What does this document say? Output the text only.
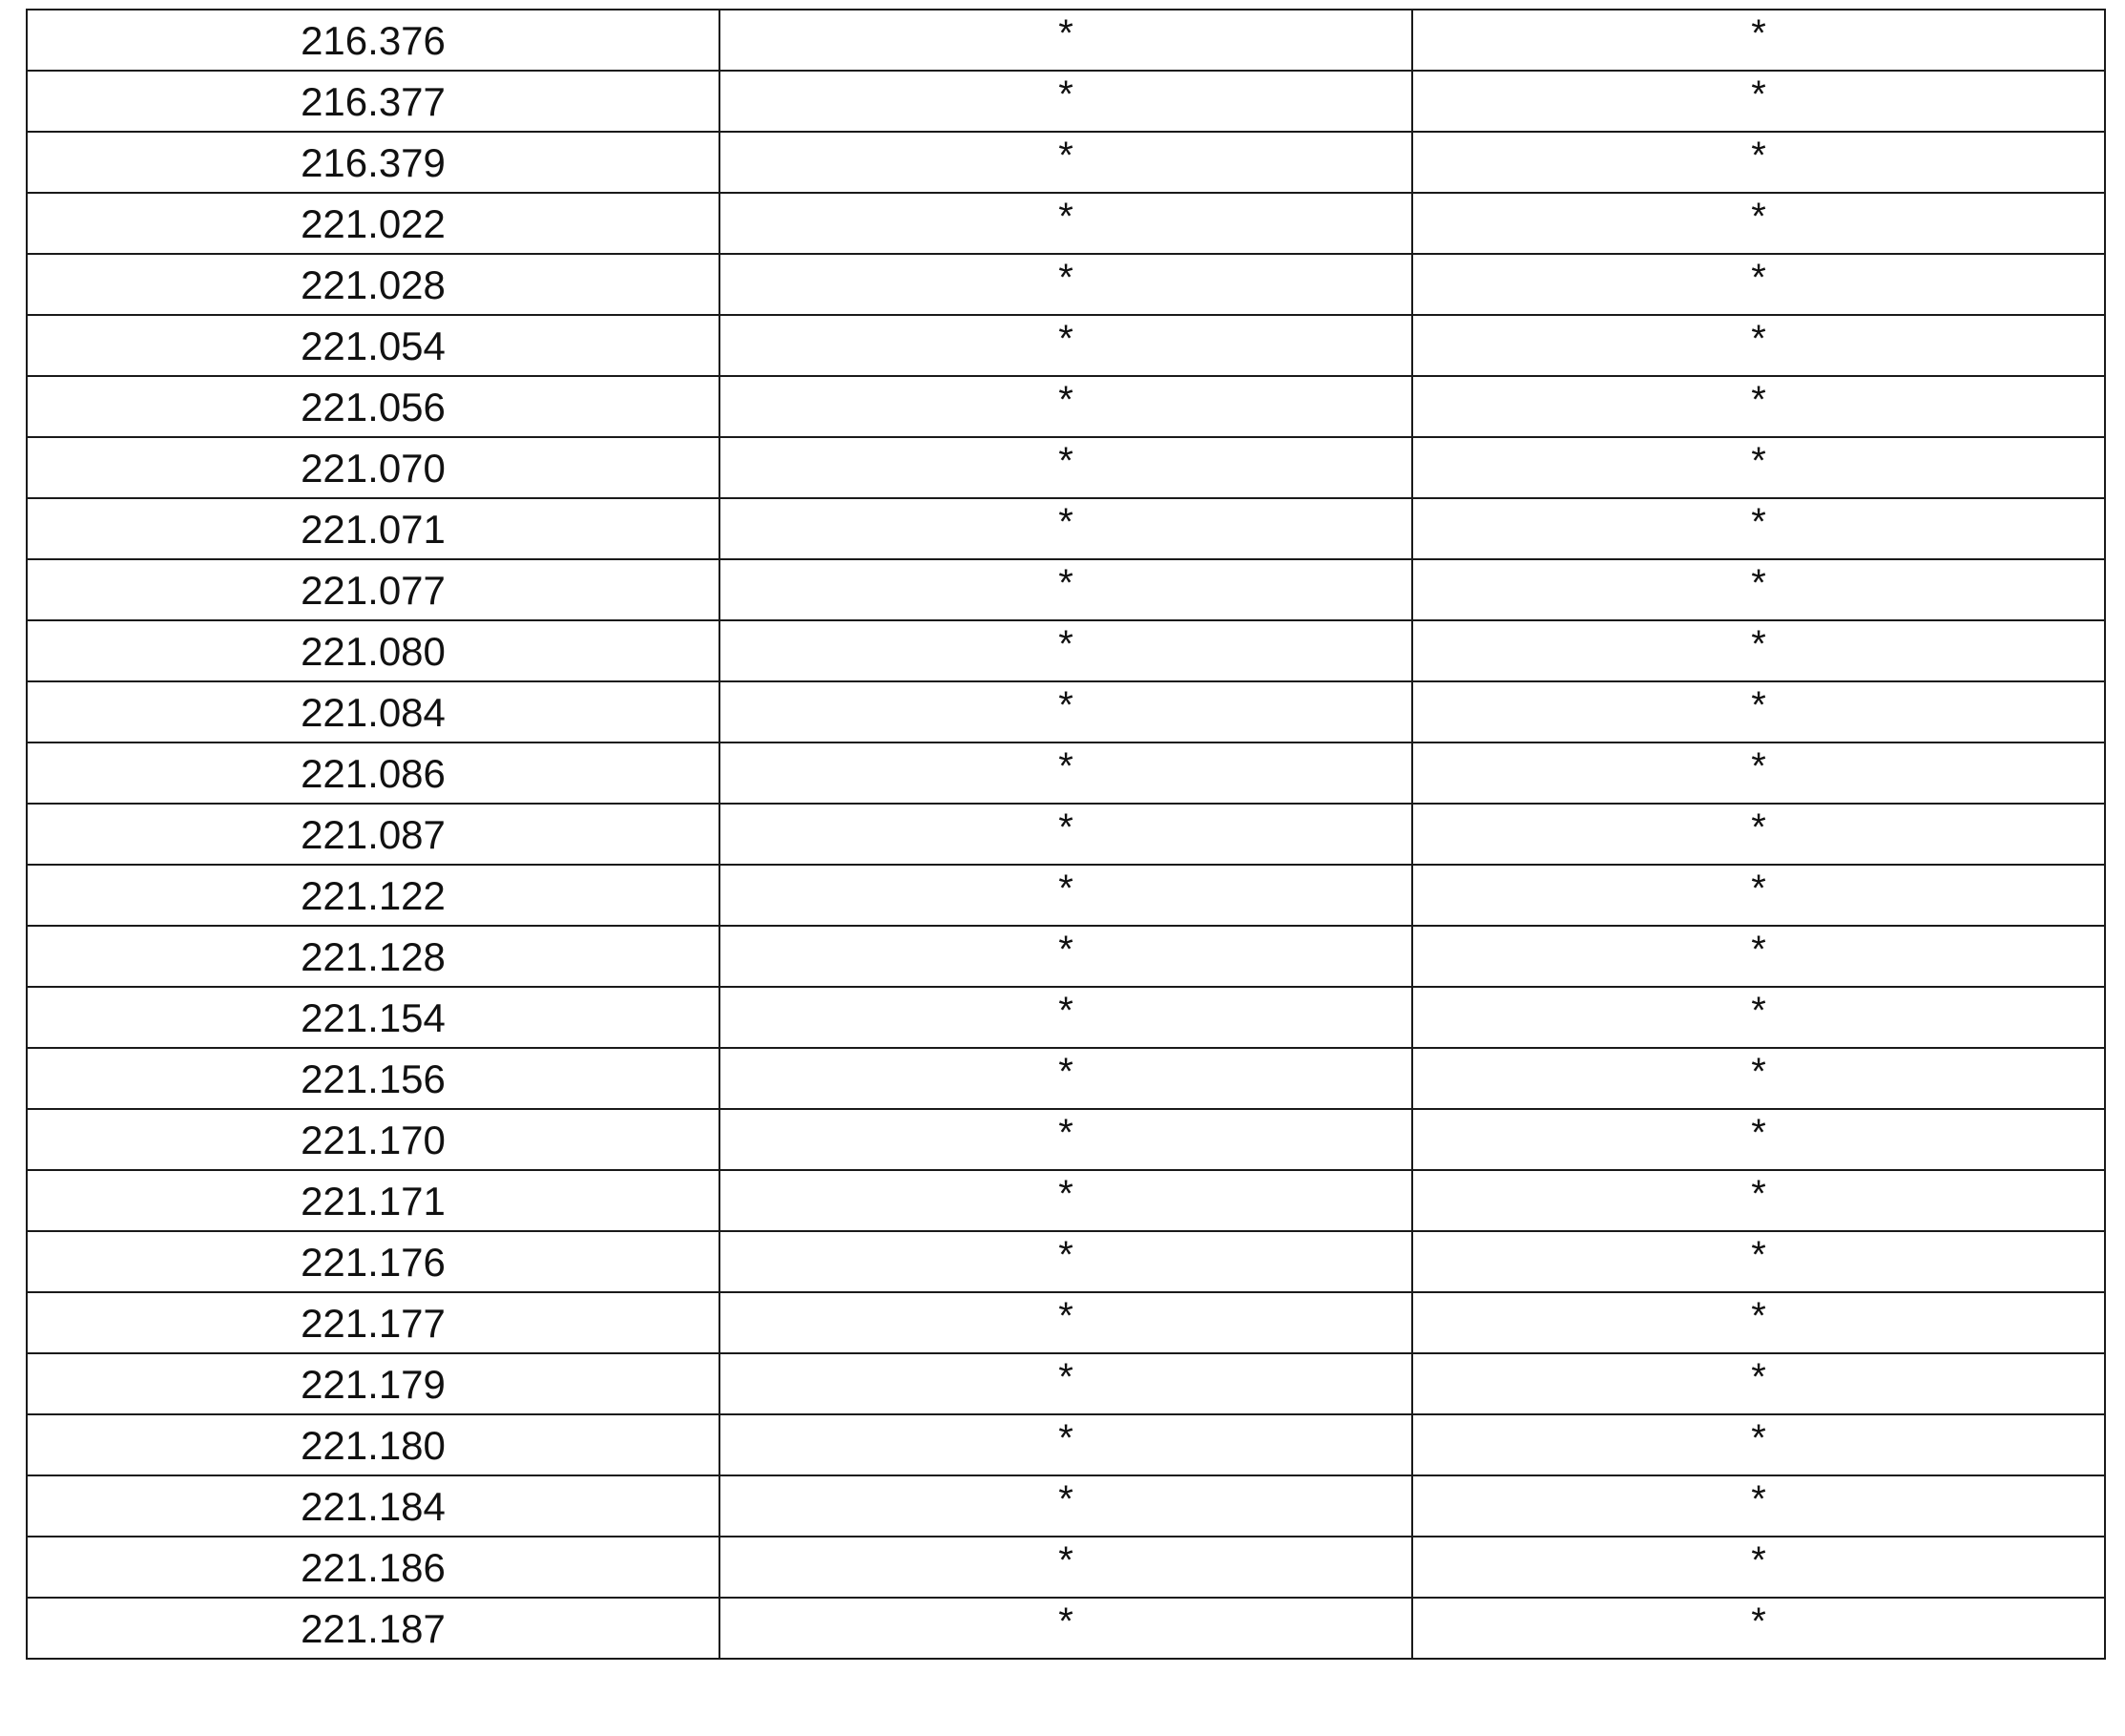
216.376	*	*
216.377	*	*
216.379	*	*
221.022	*	*
221.028	*	*
221.054	*	*
221.056	*	*
221.070	*	*
221.071	*	*
221.077	*	*
221.080	*	*
221.084	*	*
221.086	*	*
221.087	*	*
221.122	*	*
221.128	*	*
221.154	*	*
221.156	*	*
221.170	*	*
221.171	*	*
221.176	*	*
221.177	*	*
221.179	*	*
221.180	*	*
221.184	*	*
221.186	*	*
221.187	*	*
